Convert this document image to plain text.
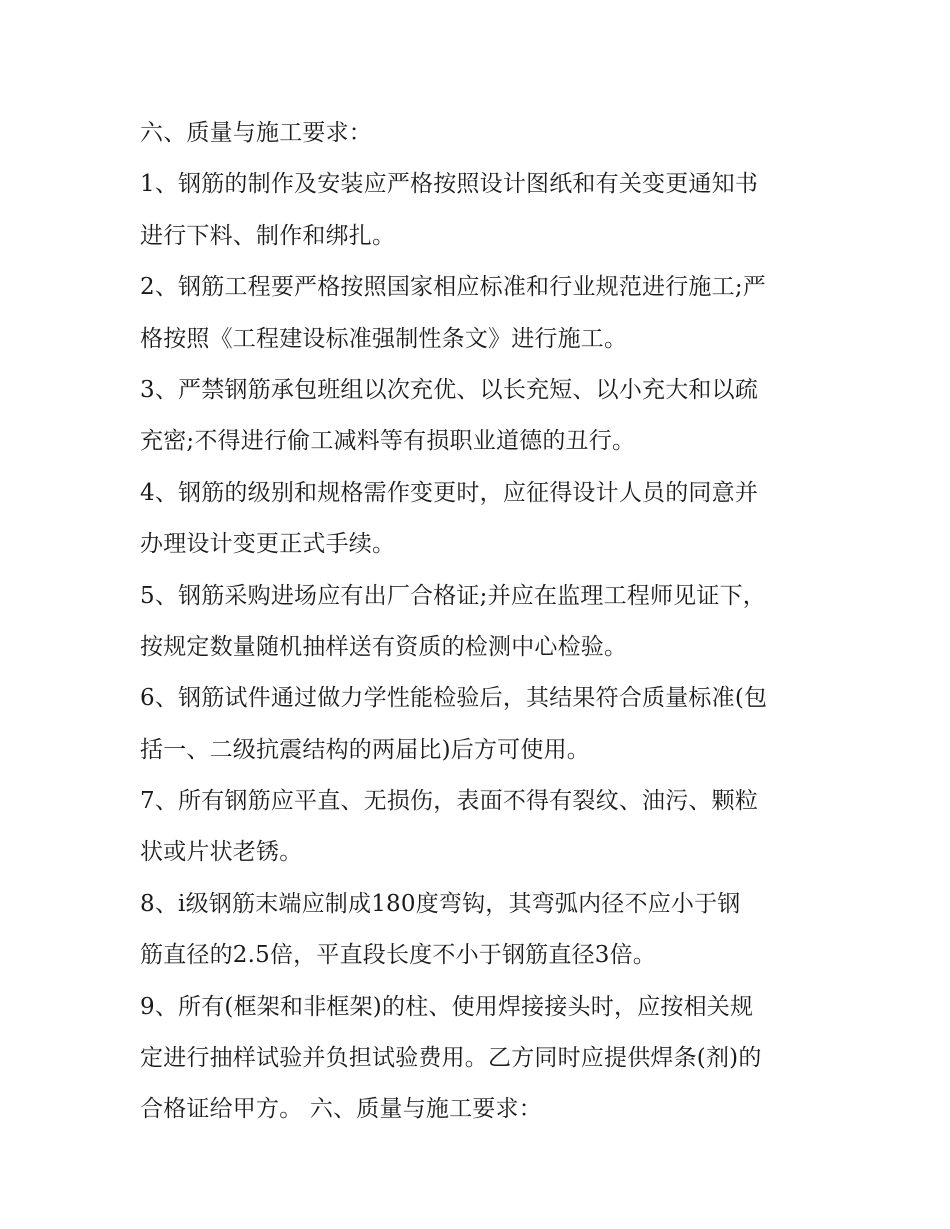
六、质量与施工要求：
1、钢筋的制作及安装应严格按照设计图纸和有关变更通知书
进行下料、制作和绑扎。
2、钢筋工程要严格按照国家相应标准和行业规范进行施工;严
格按照《工程建设标准强制性条文》进行施工。
3、严禁钢筋承包班组以次充优、以长充短、以小充大和以疏
充密;不得进行偷工减料等有损职业道德的丑行。
4、钢筋的级别和规格需作变更时，应征得设计人员的同意并
办理设计变更正式手续。
5、钢筋采购进场应有出厂合格证;并应在监理工程师见证下，
按规定数量随机抽样送有资质的检测中心检验。
6、钢筋试件通过做力学性能检验后，其结果符合质量标准(包
括一、二级抗震结构的两届比)后方可使用。
7、所有钢筋应平直、无损伤，表面不得有裂纹、油污、颗粒
状或片状老锈。
8、ⅰ级钢筋末端应制成180度弯钩，其弯弧内径不应小于钢
筋直径的2.5倍，平直段长度不小于钢筋直径3倍。
9、所有(框架和非框架)的柱、使用焊接接头时，应按相关规
定进行抽样试验并负担试验费用。乙方同时应提供焊条(剂)的
合格证给甲方。 六、质量与施工要求：
